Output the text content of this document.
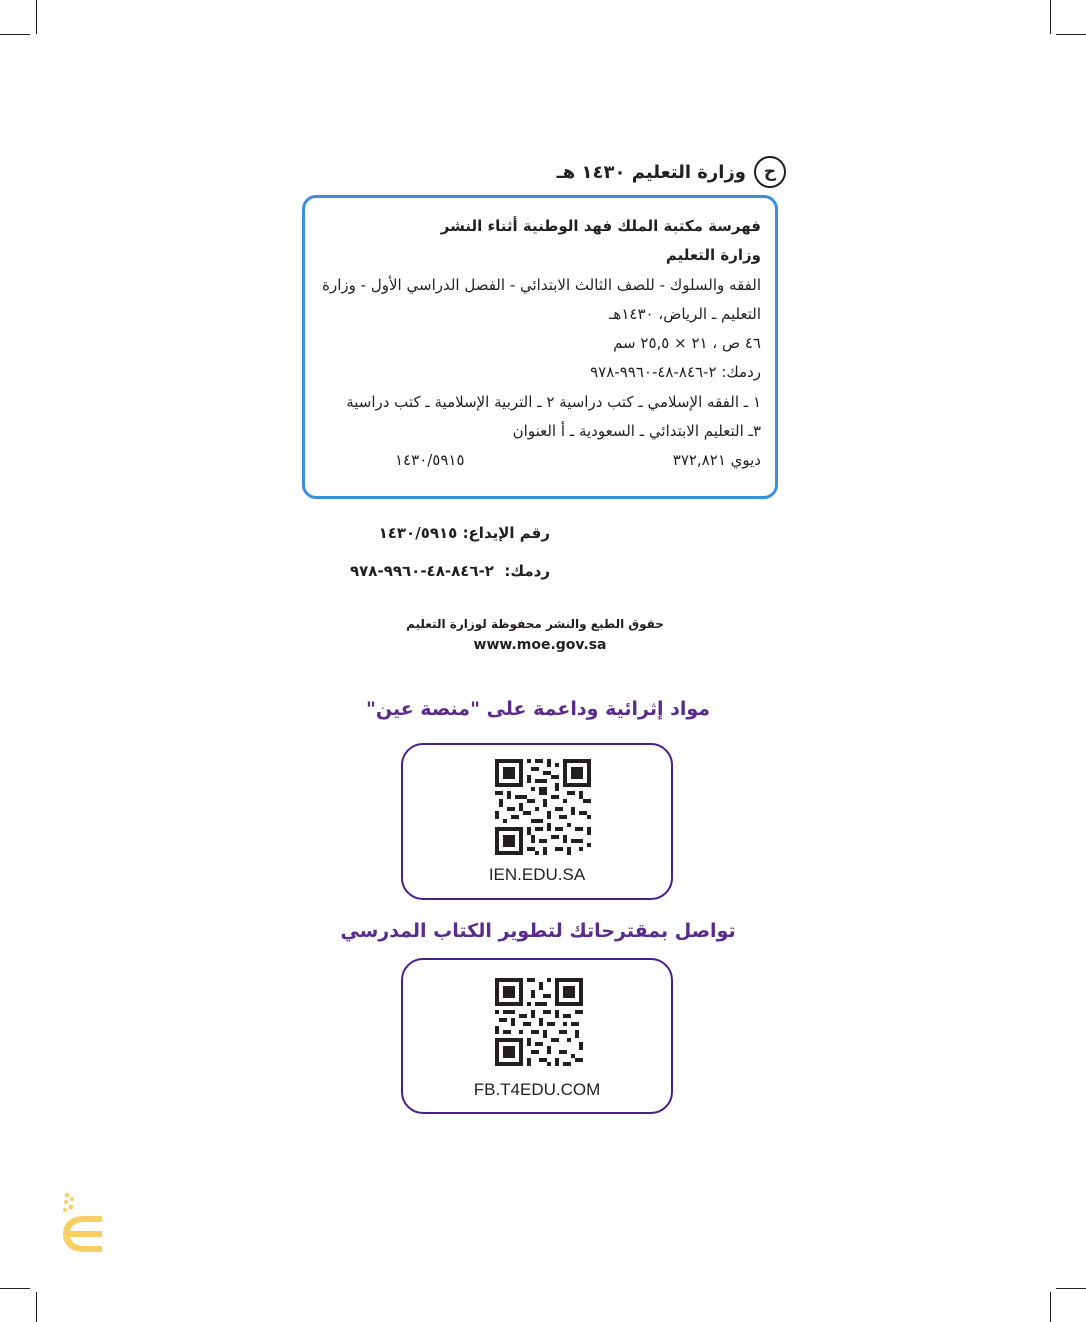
ح
وزارة التعليم ١٤٣٠ هـ
فهرسة مكتبة الملك فهد الوطنية أثناء النشر
وزارة التعليم
الفقه والسلوك - للصف الثالث الابتدائي - الفصل الدراسي الأول - وزارة
التعليم ـ الرياض، ١٤٣٠هـ
٤٦ ص ، ٢١ × ٢٥,٥ سم
ردمك: ٢-٨٤٦-٤٨-٩٩٦٠-٩٧٨
١ ـ الفقه الإسلامي ـ كتب دراسية ٢ ـ التربية الإسلامية ـ كتب دراسية
٣ـ التعليم الابتدائي ـ السعودية ـ أ العنوان
ديوي ٣٧٢,٨٢١
١٤٣٠/٥٩١٥
رقم الإيداع: ١٤٣٠/٥٩١٥
ردمك:  ٢-٨٤٦-٤٨-٩٩٦٠-٩٧٨
حقوق الطبع والنشر محفوظة لوزارة التعليم
www.moe.gov.sa
مواد إثرائية وداعمة على "منصة عين"
IEN.EDU.SA
تواصل بمقترحاتك لتطوير الكتاب المدرسي
FB.T4EDU.COM
